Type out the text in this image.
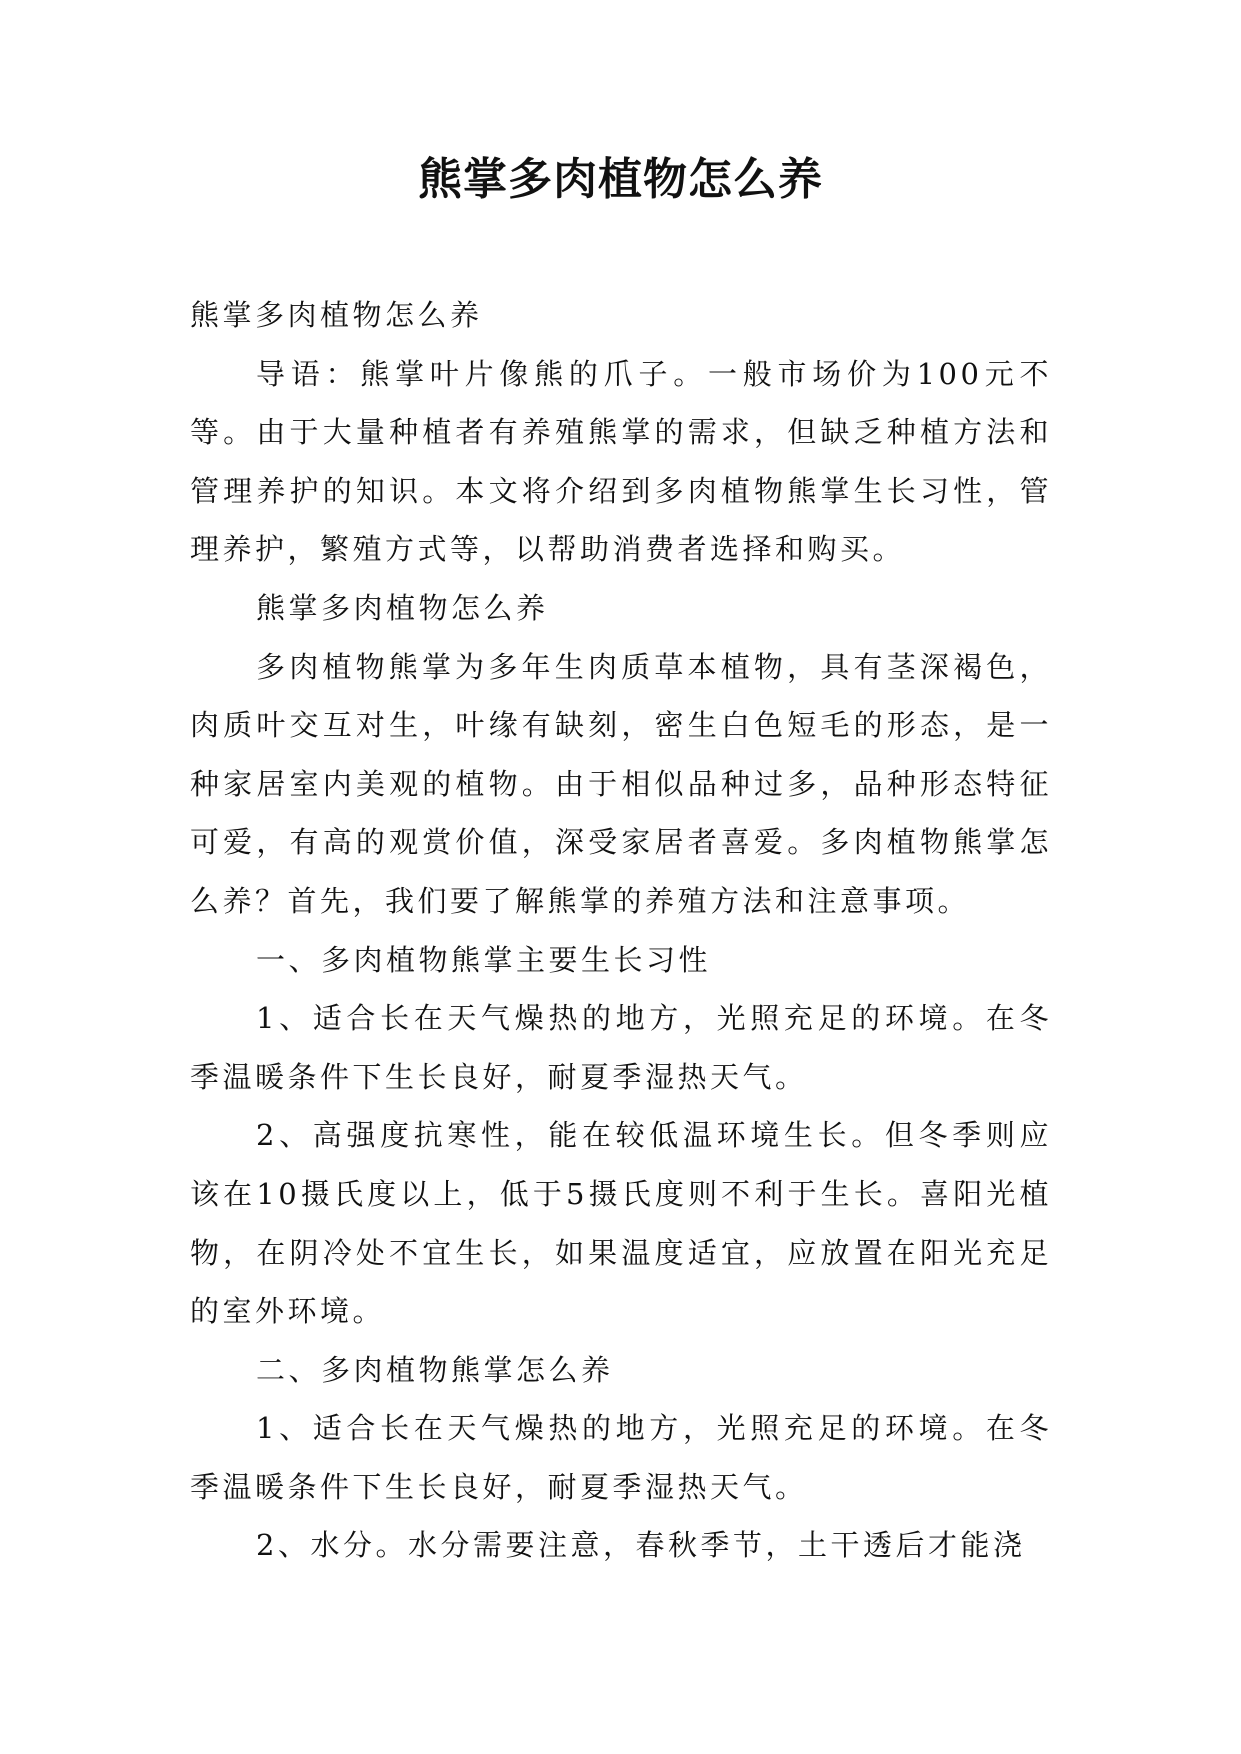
熊掌多肉植物怎么养

熊掌多肉植物怎么养

导语：熊掌叶片像熊的爪子。一般市场价为100元不等。由于大量种植者有养殖熊掌的需求，但缺乏种植方法和管理养护的知识。本文将介绍到多肉植物熊掌生长习性，管理养护，繁殖方式等，以帮助消费者选择和购买。

熊掌多肉植物怎么养

多肉植物熊掌为多年生肉质草本植物，具有茎深褐色，肉质叶交互对生，叶缘有缺刻，密生白色短毛的形态，是一种家居室内美观的植物。由于相似品种过多，品种形态特征可爱，有高的观赏价值，深受家居者喜爱。多肉植物熊掌怎么养？首先，我们要了解熊掌的养殖方法和注意事项。

一、多肉植物熊掌主要生长习性

1、适合长在天气燥热的地方，光照充足的环境。在冬季温暖条件下生长良好，耐夏季湿热天气。

2、高强度抗寒性，能在较低温环境生长。但冬季则应该在10摄氏度以上，低于5摄氏度则不利于生长。喜阳光植物，在阴冷处不宜生长，如果温度适宜，应放置在阳光充足的室外环境。

二、多肉植物熊掌怎么养

1、适合长在天气燥热的地方，光照充足的环境。在冬季温暖条件下生长良好，耐夏季湿热天气。

2、水分。水分需要注意，春秋季节，土干透后才能浇
